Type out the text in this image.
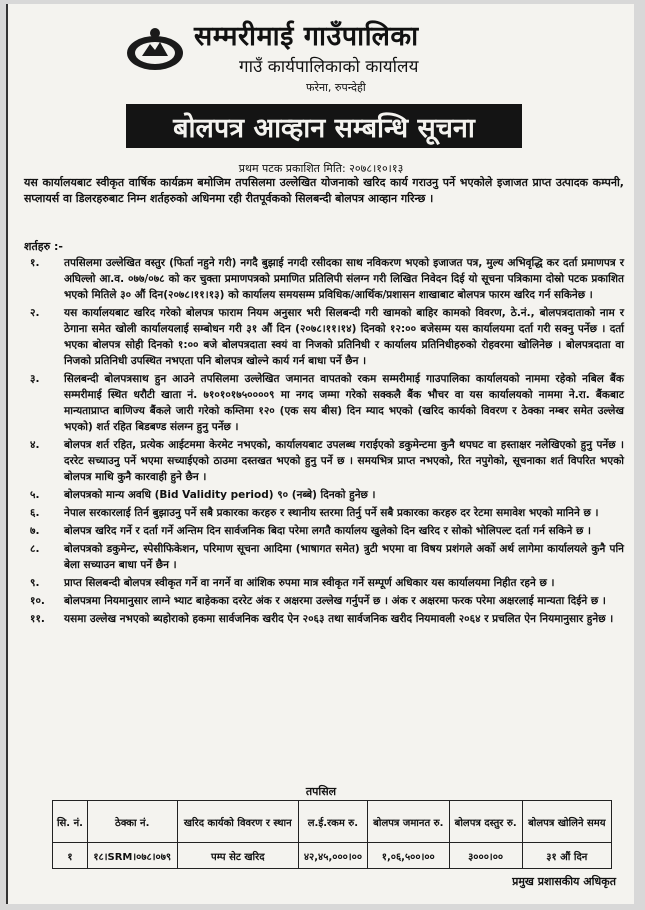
सम्मरीमाई गाउँपालिका
गाउँ कार्यपालिकाको कार्यालय
फरेना, रुपन्देही
बोलपत्र आव्हान सम्बन्धि सूचना
प्रथम पटक प्रकाशित मिति: २०७८।१०।१३
यस कार्यालयबाट स्वीकृत वार्षिक कार्यक्रम बमोजिम तपसिलमा उल्लेखित योजनाको खरिद कार्य गराउनु पर्ने भएकोले इजाजत प्राप्त उत्पादक कम्पनी, सप्लायर्स वा डिलरहरुबाट निम्न शर्तहरुको अधिनमा रही रीतपूर्वकको सिलबन्दी बोलपत्र आव्हान गरिन्छ ।
शर्तहरु :-
१.	तपसिलमा उल्लेखित वस्तुर (फिर्ता नहुने गरी) नगदै बुझाई नगदी रसीदका साथ नविकरण भएको इजाजत पत्र, मुल्य अभिवृद्धि कर दर्ता प्रमाणपत्र र अघिल्लो आ.व. ०७७/०७८ को कर चुक्ता प्रमाणपत्रको प्रमाणित प्रतिलिपी संलग्न गरी लिखित निवेदन दिई यो सूचना पत्रिकामा दोस्रो पटक प्रकाशित भएको मितिले ३० औं दिन(२०७८।११।१३) को कार्यालय समयसम्म प्रविधिक/आर्थिक/प्रशासन शाखाबाट बोलपत्र फारम खरिद गर्न सकिनेछ ।
२.	यस कार्यालयबाट खरिद गरेको बोलपत्र फाराम नियम अनुसार भरी सिलबन्दी गरी खामको बाहिर कामको विवरण, ठे.नं., बोलपत्रदाताको नाम र ठेगाना समेत खोली कार्यालयलाई सम्बोधन गरी ३१ औं दिन (२०७८।११।१४) दिनको १२:०० बजेसम्म यस कार्यालयमा दर्ता गरी सक्नु पर्नेछ । दर्ता भएका बोलपत्र सोही दिनको १:०० बजे बोलपत्रदाता स्वयं वा निजको प्रतिनिधी र कार्यालय प्रतिनिधीहरुको रोहवरमा खोलिनेछ । बोलपत्रदाता वा निजको प्रतिनिधी उपस्थित नभएता पनि बोलपत्र खोल्ने कार्य गर्न बाधा पर्ने छैन ।
३.	सिलबन्दी बोलपत्रसाथ हुन आउने तपसिलमा उल्लेखित जमानत वापतको रकम सम्मरीमाई गाउपालिका कार्यालयको नाममा रहेको नबिल बैंक सम्मरीमाई स्थित धरौटी खाता नं. ७१०१०१७५००००९ मा नगद जम्मा गरेको सक्कलै बैंक भौचर वा यस कार्यालयको नाममा ने.रा. बैंकबाट मान्यताप्राप्त बाणिज्य बैंकले जारी गरेको कम्तिमा १२० (एक सय बीस) दिन म्याद भएको (खरिद कार्यको विवरण र ठेक्का नम्बर समेत उल्लेख भएको) शर्त रहित बिडबण्ड संलग्न हुनु पर्नेछ ।
४.	बोलपत्र शर्त रहित, प्रत्येक आईटममा केरमेट नभएको, कार्यालयबाट उपलब्ध गराईएको डकुमेन्टमा कुनै थपघट वा हस्ताक्षर नलेखिएको हुनु पर्नेछ । दररेट सच्याउनु पर्ने भएमा सच्याईएको ठाउमा दस्तखत भएको हुनु पर्ने छ । समयभित्र प्राप्त नभएको, रित नपुगेको, सूचनाका शर्त विपरित भएको बोलपत्र माथि कुनै कारवाही हुने छैन ।
५.	बोलपत्रको मान्य अवधि (Bid Validity period) ९० (नब्बे) दिनको हुनेछ ।
६.	नेपाल सरकारलाई तिर्न बुझाउनु पर्ने सबै प्रकारका करहरु र स्थानीय स्तरमा तिर्नु पर्ने सबै प्रकारका करहरु दर रेटमा समावेश भएको मानिने छ ।
७.	बोलपत्र खरिद गर्ने र दर्ता गर्ने अन्तिम दिन सार्वजनिक बिदा परेमा लगतै कार्यालय खुलेको दिन खरिद र सोको भोलिपल्ट दर्ता गर्न सकिने छ ।
८.	बोलपत्रको डकुमेन्ट, स्पेसीफिकेशन, परिमाण सूचना आदिमा (भाषागत समेत) त्रुटी भएमा वा विषय प्रशंगले अर्को अर्थ लागेमा कार्यालयले कुनै पनि बेला सच्याउन बाधा पर्ने छैन ।
९.	प्राप्त सिलबन्दी बोलपत्र स्वीकृत गर्ने वा नगर्ने वा आंशिक रुपमा मात्र स्वीकृत गर्ने सम्पूर्ण अधिकार यस कार्यालयमा निहीत रहने छ ।
१०.	बोलपत्रमा नियमानुसार लाग्ने भ्याट बाहेकका दररेट अंक र अक्षरमा उल्लेख गर्नुपर्ने छ । अंक र अक्षरमा फरक परेमा अक्षरलाई मान्यता दिईने छ ।
११.	यसमा उल्लेख नभएको ब्यहोराको हकमा सार्वजनिक खरीद ऐन २०६३ तथा सार्वजनिक खरीद नियमावली २०६४ र प्रचलित ऐन नियमानुसार हुनेछ ।
तपसिल
सि. नं.	ठेक्का नं.	खरिद कार्यको विवरण र स्थान	ल.ई.रकम रु.	बोलपत्र जमानत रु.	बोलपत्र दस्तुर रु.	बोलपत्र खोलिने समय
१	१८।SRM।०७८।०७९	पम्प सेट खरिद	४२,४५,०००।००	१,०६,५००।००	३०००।००	३१ औं दिन
प्रमुख प्रशासकीय अधिकृत
